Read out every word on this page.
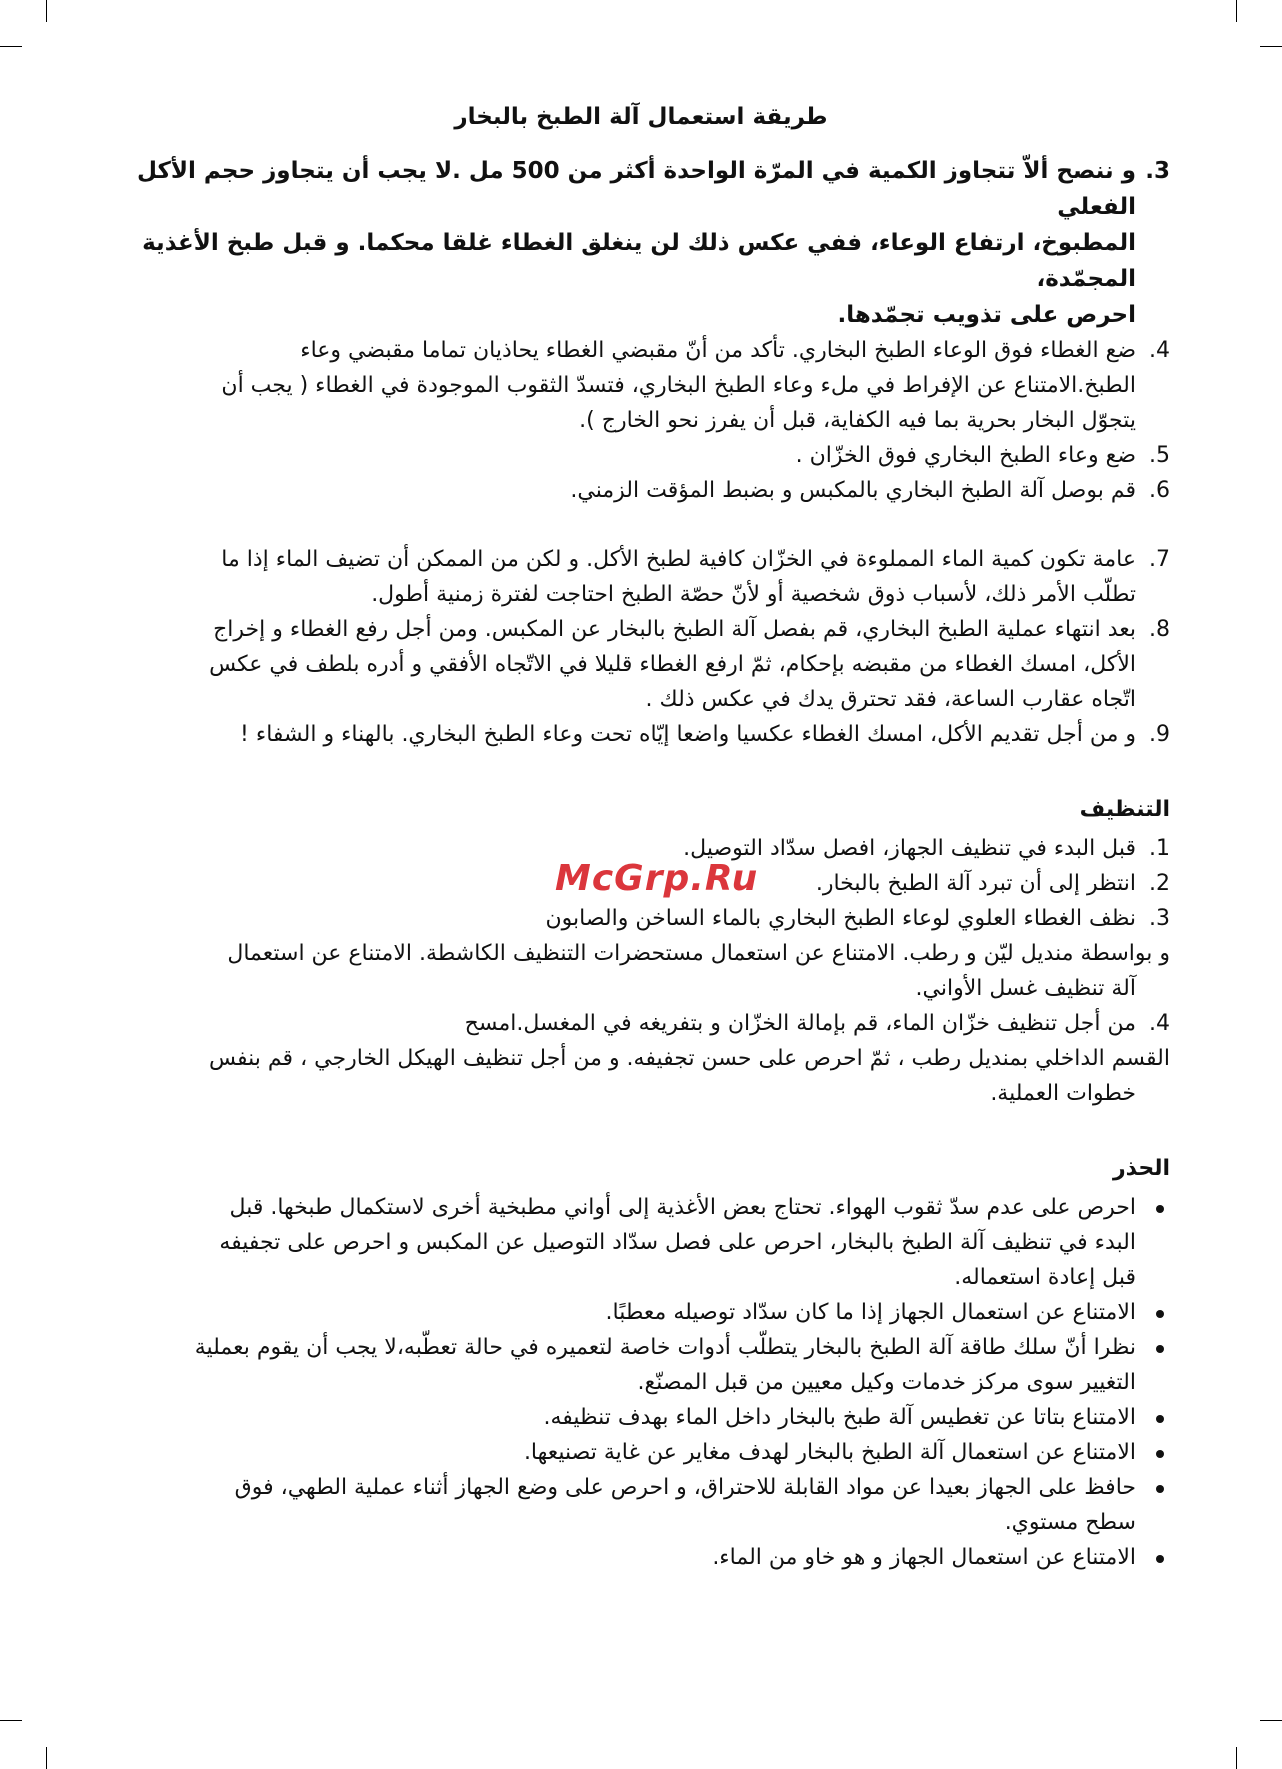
طريقة استعمال آلة الطبخ بالبخار
3.
و ننصح ألاّ تتجاوز الكمية في المرّة الواحدة أكثر من 500 مل .لا يجب أن يتجاوز حجم الأكل الفعلي
المطبوخ، ارتفاع الوعاء، ففي عكس ذلك لن ينغلق الغطاء غلقا محكما. و قبل طبخ الأغذية المجمّدة،
احرص على تذويب تجمّدها.
4.
ضع الغطاء فوق الوعاء الطبخ البخاري. تأكد من أنّ مقبضي الغطاء يحاذيان تماما مقبضي وعاء
الطبخ.الامتناع عن الإفراط في ملء وعاء الطبخ البخاري، فتسدّ الثقوب الموجودة في الغطاء ( يجب أن
يتجوّل البخار بحرية بما فيه الكفاية، قبل أن يفرز نحو الخارج ).
5.
ضع وعاء الطبخ البخاري فوق الخزّان .
6.
قم بوصل آلة الطبخ البخاري بالمكبس و بضبط المؤقت الزمني.
7.
عامة تكون كمية الماء المملوءة في الخزّان كافية لطبخ الأكل. و لكن من الممكن أن تضيف الماء إذا ما
تطلّب الأمر ذلك، لأسباب ذوق شخصية أو لأنّ حصّة الطبخ احتاجت لفترة زمنية أطول.
8.
بعد انتهاء عملية الطبخ البخاري، قم بفصل آلة الطبخ بالبخار عن المكبس. ومن أجل رفع الغطاء و إخراج
الأكل، امسك الغطاء من مقبضه بإحكام، ثمّ ارفع الغطاء قليلا في الاتّجاه الأفقي و أدره بلطف في عكس
اتّجاه عقارب الساعة، فقد تحترق يدك في عكس ذلك .
9.
و من أجل تقديم الأكل، امسك الغطاء عكسيا واضعا إيّاه تحت وعاء الطبخ البخاري. بالهناء و الشفاء !
التنظيف
1.
قبل البدء في تنظيف الجهاز، افصل سدّاد التوصيل.
2.
انتظر إلى أن تبرد آلة الطبخ بالبخار.
3.
نظف الغطاء العلوي لوعاء الطبخ البخاري بالماء الساخن والصابون
و بواسطة منديل ليّن و رطب. الامتناع عن استعمال مستحضرات التنظيف الكاشطة. الامتناع عن استعمال
آلة تنظيف غسل الأواني.
4.
من أجل تنظيف خزّان الماء، قم بإمالة الخزّان و بتفريغه في المغسل.امسح
القسم الداخلي بمنديل رطب ، ثمّ احرص على حسن تجفيفه. و من أجل تنظيف الهيكل الخارجي ، قم بنفس
خطوات العملية.
الحذر
احرص على عدم سدّ ثقوب الهواء. تحتاج بعض الأغذية إلى أواني مطبخية أخرى لاستكمال طبخها. قبل
البدء في تنظيف آلة الطبخ بالبخار، احرص على فصل سدّاد التوصيل عن المكبس و احرص على تجفيفه
قبل إعادة استعماله.
الامتناع عن استعمال الجهاز إذا ما كان سدّاد توصيله معطبًا.
نظرا أنّ سلك طاقة آلة الطبخ بالبخار يتطلّب أدوات خاصة لتعميره في حالة تعطّبه،لا يجب أن يقوم بعملية
التغيير سوى مركز خدمات وكيل معيين من قبل المصنّع.
الامتناع بتاتا عن تغطيس آلة طبخ بالبخار داخل الماء بهدف تنظيفه.
الامتناع عن استعمال آلة الطبخ بالبخار لهدف مغاير عن غاية تصنيعها.
حافظ على الجهاز بعيدا عن مواد القابلة للاحتراق، و احرص على وضع الجهاز أثناء عملية الطهي، فوق
سطح مستوي.
الامتناع عن استعمال الجهاز و هو خاو من الماء.
McGrp.Ru
